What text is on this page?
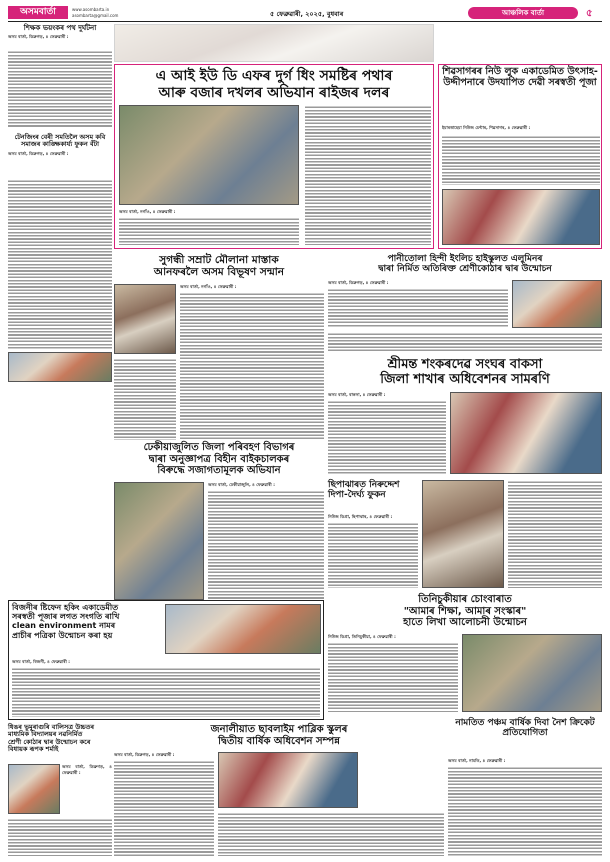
অসমবাৰ্তা	www.asombarta.in
asombarta@gmail.com	৫ ফেব্ৰুৱাৰী, ২০২৫, বুধবাৰ	আঞ্চলিক বাৰ্তা	৫
শিক্ষক ভয়ংকৰ পথ দুৰ্ঘটনা
অসম বাৰ্তা, ডিব্ৰুগড়, ৪ ফেব্ৰুৱাৰী :
এ আই ইউ ডি এফৰ দুৰ্গ ধিং সমষ্টিৰ পথাৰ
আৰু বজাৰ দখলৰ অভিযান ৰাইজৰ দলৰ
অসম বাৰ্তা, নগাঁও, ৪ ফেব্ৰুৱাৰী :
শিৱসাগৰৰ নিউ লুক একাডেমিত উৎসাহ-উদ্দীপনাৰে উদযাপিত দেৱী সৰস্বতী পূজা
ইমাৰত্তাহেমা নিউজ চেন্টাৰ, শিৱসাগৰ, ৪ ফেব্ৰুৱাৰী :
টেনজিংৰ বেৰী সমতিলৈ অসম কবি সমাজৰ কাঙ্ক্ষিকাৰ্য্য ফুকন বঁটা
অসম বাৰ্তা, ডিব্ৰুগড়, ৪ ফেব্ৰুৱাৰী :
সুগন্ধী সম্ৰাট মৌলানা মাস্তাক
আনফৰলৈ অসম বিভূষণ সন্মান
অসম বাৰ্তা, নগাঁও, ৪ ফেব্ৰুৱাৰী :
পানীতোলা হিন্দী ইংলিচ হাইস্কুলত এলুমিনৰ
দ্বাৰা নিৰ্মিত অতিৰিক্ত শ্ৰেণীকোঠাৰ দ্বাৰ উন্মোচন
অসম বাৰ্তা, ডিব্ৰুগড়, ৪ ফেব্ৰুৱাৰী :
শ্ৰীমন্ত শংকৰদেৱ সংঘৰ বাকসা
জিলা শাখাৰ অধিবেশনৰ সামৰণি
অসম বাৰ্তা, বাকসা, ৪ ফেব্ৰুৱাৰী :
ঢেকীয়াজুলিত জিলা পৰিবহণ বিভাগৰ
দ্বাৰা অনুজ্ঞাপত্ৰ বিহীন বাইকচালকৰ
বিৰুদ্ধে সজাগতামূলক অভিযান
অসম বাৰ্তা, ঢেকীয়াজুলি, ৪ ফেব্ৰুৱাৰী :	ছিপাঝাৰত নিৰুদ্দেশ দিপা-দৈৰ্ঘ্য ফুকন
নিউজ ডিপ্ৰা, ছিপাঝাৰ, ৪ ফেব্ৰুৱাৰী :
বিজনীৰ ষ্টিফেন হকিং একাডেমীত
সৰস্বতী পূজাৰ লগত সংগতি ৰাখি
clean environment নামৰ
প্ৰাচীৰ পত্ৰিকা উন্মোচন কৰা হয়
অসম বাৰ্তা, বিজনী, ৪ ফেব্ৰুৱাৰী :
তিনিচুকীয়াৰ চোংবাৰাত
"আমাৰ শিক্ষা, আমাৰ সংস্কাৰ"
হাতে লিখা আলোচনী উন্মোচন
নিউজ ডিপ্ৰা, তিনিচুকীয়া, ৪ ফেব্ৰুৱাৰী :
জনালীয়াত ছাবলাইম পাব্লিক স্কুলৰ
দ্বিতীয় বাৰ্ষিক অধিবেশন সম্পন্ন
অসম বাৰ্তা, ডিব্ৰুগড়, ৪ ফেব্ৰুৱাৰী :
ধিঙৰ ভুমুৰাগুৰি বালিসত্ৰ উচ্চতৰ
মাধ্যমিক বিদ্যালয়ৰ নৱনিৰ্মিত
শ্ৰেণী কোঠাৰ দ্বাৰ উন্মোচন কৰে
বিধায়ক ৰূপক শৰ্মাই
অসম বাৰ্তা, ডিব্ৰুগড়, ৪ ফেব্ৰুৱাৰী :
নামতিত পঞ্চম বাৰ্ষিক দিবা নৈশ ক্ৰিকেট প্ৰতিযোগিতা
অসম বাৰ্তা, নামতি, ৪ ফেব্ৰুৱাৰী :
